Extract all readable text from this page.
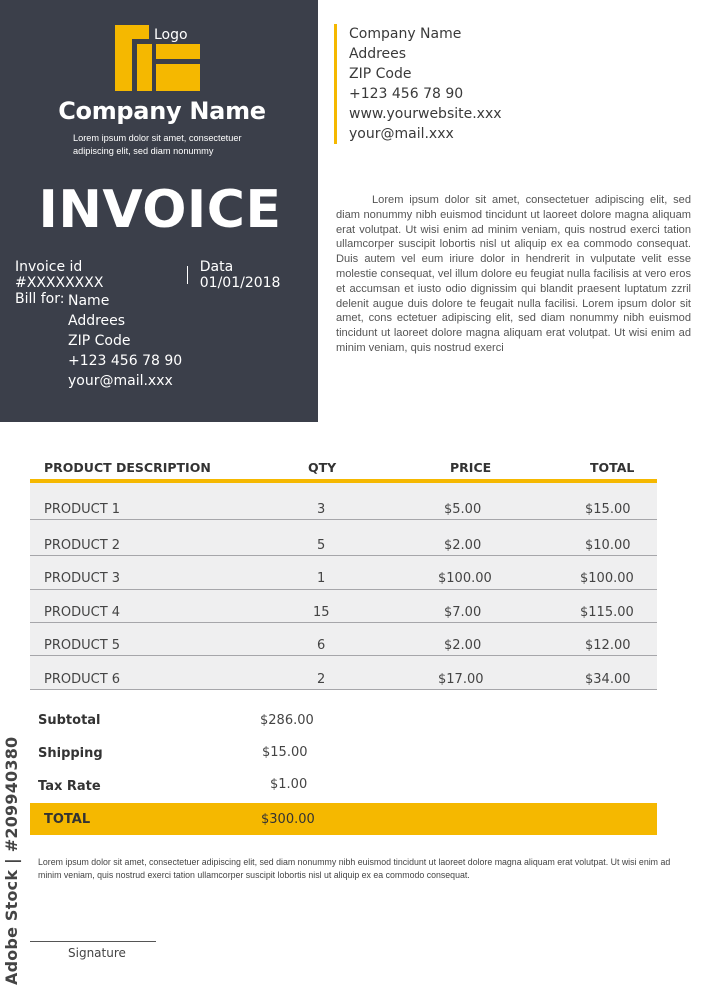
Logo
Company Name
Lorem ipsum dolor sit amet, consectetuer adipiscing elit, sed diam nonummy
INVOICE
Invoice id #XXXXXXXX
Data 01/01/2018
Bill for: Name
Addrees
ZIP Code
+123 456 78 90
your@mail.xxx
Company Name
Addrees
ZIP Code
+123 456 78 90
www.yourwebsite.xxx
your@mail.xxx
Lorem ipsum dolor sit amet, consectetuer adipiscing elit, sed diam nonummy nibh euismod tincidunt ut laoreet dolore magna aliquam erat volutpat. Ut wisi enim ad minim veniam, quis nostrud exerci tation ullamcorper suscipit lobortis nisl ut aliquip ex ea commodo consequat. Duis autem vel eum iriure dolor in hendrerit in vulputate velit esse molestie consequat, vel illum dolore eu feugiat nulla facilisis at vero eros et accumsan et iusto odio dignissim qui blandit praesent luptatum zzril delenit augue duis dolore te feugait nulla facilisi. Lorem ipsum dolor sit amet, cons ectetuer adipiscing elit, sed diam nonummy nibh euismod tincidunt ut laoreet dolore magna aliquam erat volutpat. Ut wisi enim ad minim veniam, quis nostrud exerci
PRODUCT DESCRIPTION	QTY	PRICE	TOTAL
PRODUCT 1	3	$5.00	$15.00
PRODUCT 2	5	$2.00	$10.00
PRODUCT 3	1	$100.00	$100.00
PRODUCT 4	15	$7.00	$115.00
PRODUCT 5	6	$2.00	$12.00
PRODUCT 6	2	$17.00	$34.00
Subtotal	$286.00
Shipping	$15.00
Tax Rate	$1.00
TOTAL	$300.00
Lorem ipsum dolor sit amet, consectetuer adipiscing elit, sed diam nonummy nibh euismod tincidunt ut laoreet dolore magna aliquam erat volutpat. Ut wisi enim ad minim veniam, quis nostrud exerci tation ullamcorper suscipit lobortis nisl ut aliquip ex ea commodo consequat.
Signature
Adobe Stock | #209940380
